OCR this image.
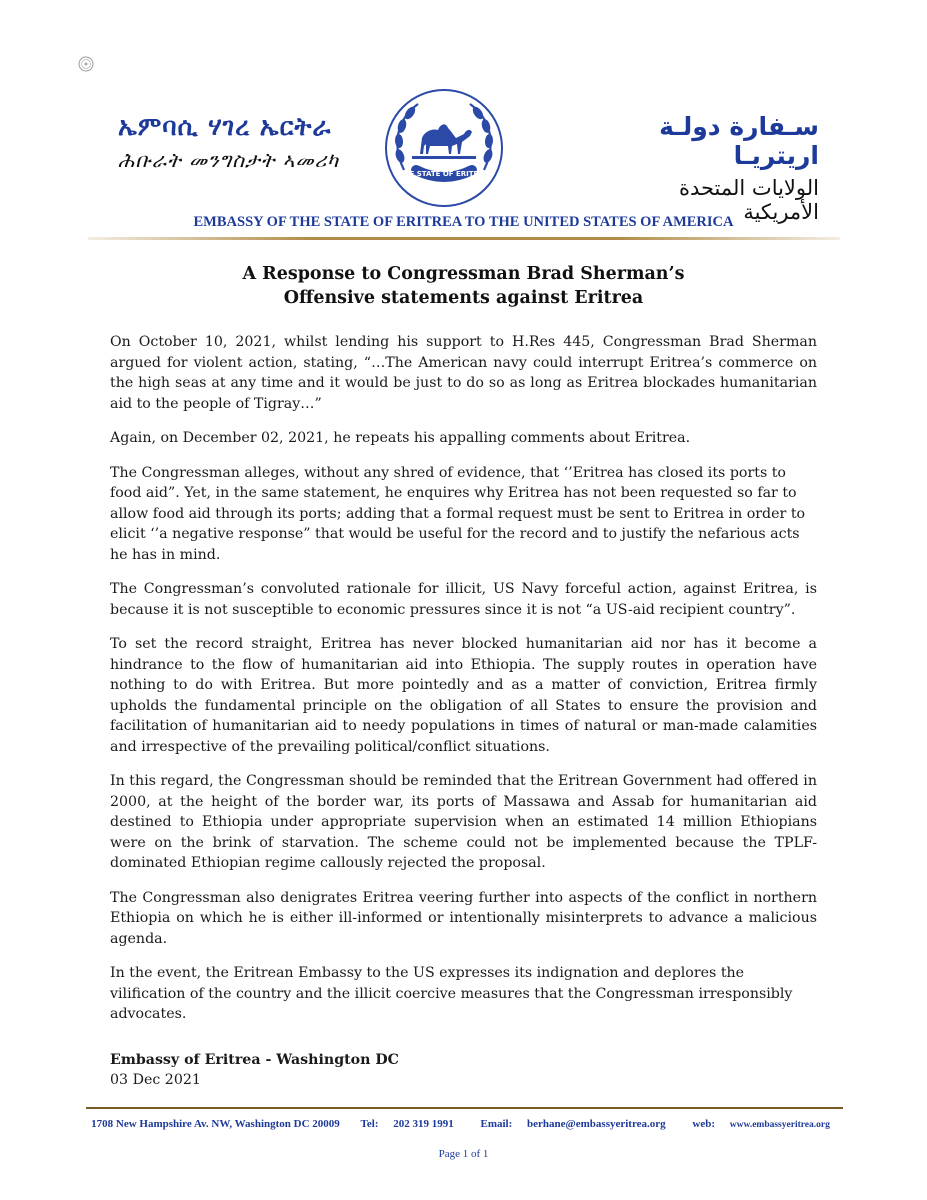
ኤምባሲ ሃገረ ኤርትራ
ሕቡራት መንግስታት ኣመሪካ
THE STATE OF ERITREA
سـفارة دولـة اريتريـا
الولايات المتحدة الأمريكية
EMBASSY OF THE STATE OF ERITREA TO THE UNITED STATES OF AMERICA
A Response to Congressman Brad Sherman’s
Offensive statements against Eritrea

On October 10, 2021, whilst lending his support to H.Res 445, Congressman Brad Sherman argued for violent action, stating, “…The American navy could interrupt Eritrea’s commerce on the high seas at any time and it would be just to do so as long as Eritrea blockades humanitarian aid to the people of Tigray…”

Again, on December 02, 2021, he repeats his appalling comments about Eritrea.

The Congressman alleges, without any shred of evidence, that ‘’Eritrea has closed its ports to food aid”. Yet, in the same statement, he enquires why Eritrea has not been requested so far to allow food aid through its ports; adding that a formal request must be sent to Eritrea in order to elicit ‘’a negative response” that would be useful for the record and to justify the nefarious acts he has in mind.

The Congressman’s convoluted rationale for illicit, US Navy forceful action, against Eritrea, is because it is not susceptible to economic pressures since it is not “a US-aid recipient country”.

To set the record straight, Eritrea has never blocked humanitarian aid nor has it become a hindrance to the flow of humanitarian aid into Ethiopia. The supply routes in operation have nothing to do with Eritrea. But more pointedly and as a matter of conviction, Eritrea firmly upholds the fundamental principle on the obligation of all States to ensure the provision and facilitation of humanitarian aid to needy populations in times of natural or man-made calamities and irrespective of the prevailing political/conflict situations.

In this regard, the Congressman should be reminded that the Eritrean Government had offered in 2000, at the height of the border war, its ports of Massawa and Assab for humanitarian aid destined to Ethiopia under appropriate supervision when an estimated 14 million Ethiopians were on the brink of starvation. The scheme could not be implemented because the TPLF-dominated Ethiopian regime callously rejected the proposal.

The Congressman also denigrates Eritrea veering further into aspects of the conflict in northern Ethiopia on which he is either ill-informed or intentionally misinterprets to advance a malicious agenda.

In the event, the Eritrean Embassy to the US expresses its indignation and deplores the vilification of the country and the illicit coercive measures that the Congressman irresponsibly advocates.

Embassy of Eritrea - Washington DC
03 Dec 2021
1708 New Hampshire Av. NW, Washington DC 20009 Tel: 202 319 1991 Email: berhane@embassyeritrea.org web: www.embassyeritrea.org
Page 1 of 1
